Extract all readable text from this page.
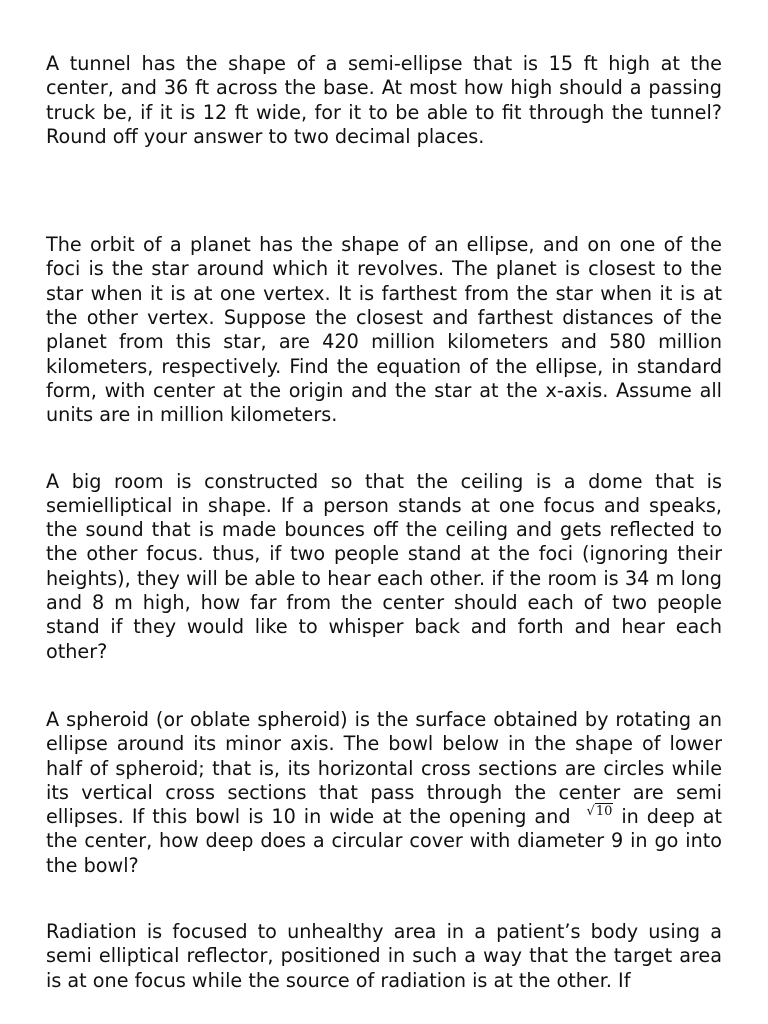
A tunnel has the shape of a semi-ellipse that is 15 ft high at the center, and 36 ft across the base. At most how high should a passing truck be, if it is 12 ft wide, for it to be able to fit through the tunnel? Round off your answer to two decimal places.

The orbit of a planet has the shape of an ellipse, and on one of the foci is the star around which it revolves. The planet is closest to the star when it is at one vertex. It is farthest from the star when it is at the other vertex. Suppose the closest and farthest distances of the planet from this star, are 420 million kilometers and 580 million kilometers, respectively. Find the equation of the ellipse, in standard form, with center at the origin and the star at the x-axis. Assume all units are in million kilometers.

A big room is constructed so that the ceiling is a dome that is semielliptical in shape. If a person stands at one focus and speaks, the sound that is made bounces off the ceiling and gets reflected to the other focus. thus, if two people stand at the foci (ignoring their heights), they will be able to hear each other. if the room is 34 m long and 8 m high, how far from the center should each of two people stand if they would like to whisper back and forth and hear each other?

A spheroid (or oblate spheroid) is the surface obtained by rotating an ellipse around its minor axis. The bowl below in the shape of lower half of spheroid; that is, its horizontal cross sections are circles while its vertical cross sections that pass through the center are semi ellipses. If this bowl is 10 in wide at the opening and √10 in deep at the center, how deep does a circular cover with diameter 9 in go into the bowl?

Radiation is focused to unhealthy area in a patient’s body using a semi elliptical reflector, positioned in such a way that the target area is at one focus while the source of radiation is at the other. If
